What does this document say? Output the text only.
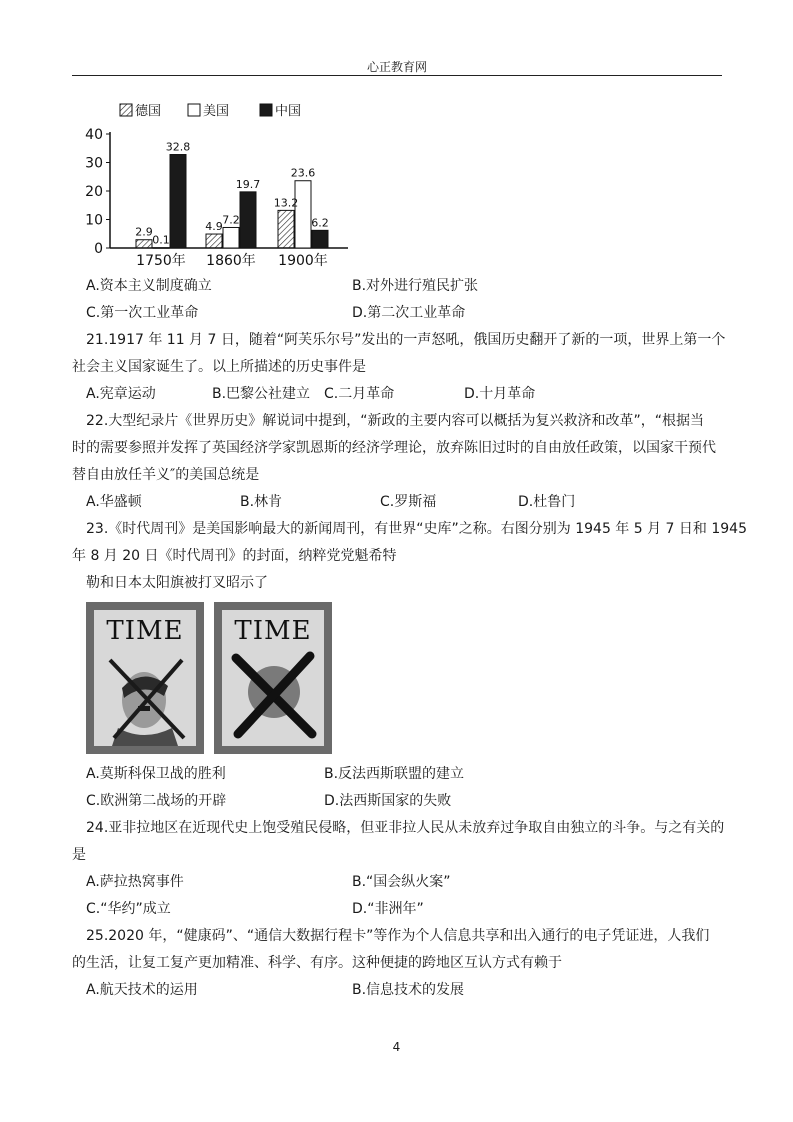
心正教育网
德国	美国	中国
0
10
20
30
40
2.9
0.1
32.8
1750年
4.9
7.2
19.7
1860年
13.2
23.6
6.2
1900年
A.资本主义制度确立	B.对外进行殖民扩张
C.第一次工业革命	D.第二次工业革命
21.1917 年 11 月 7 日，随着“阿芙乐尔号”发出的一声怒吼，俄国历史翻开了新的一项，世界上第一个
社会主义国家诞生了。以上所描述的历史事件是
A.宪章运动	B.巴黎公社建立 C.二月革命	D.十月革命
22.大型纪录片《世界历史》解说词中提到，“新政的主要内容可以概括为复兴救济和改革”，“根据当
时的需要参照并发挥了英国经济学家凯恩斯的经济学理论，放弃陈旧过时的自由放任政策，以国家干预代
替自由放任羊义″的美国总统是
A.华盛顿	B.林肯	C.罗斯福	D.杜鲁门
23.《时代周刊》是美国影响最大的新闻周刊，有世界“史库”之称。右图分别为 1945 年 5 月 7 日和 1945
年 8 月 20 日《时代周刊》的封面，纳粹党党魁希特
勒和日本太阳旗被打叉昭示了
TIME	TIME
A.莫斯科保卫战的胜利	B.反法西斯联盟的建立
C.欧洲第二战场的开辟	D.法西斯国家的失败
24.亚非拉地区在近现代史上饱受殖民侵略，但亚非拉人民从未放弃过争取自由独立的斗争。与之有关的
是
A.萨拉热窝事件	B.“国会纵火案”
C.“华约”成立	D.“非洲年”
25.2020 年，“健康码”、“通信大数据行程卡”等作为个人信息共享和出入通行的电子凭证进，人我们
的生活，让复工复产更加精准、科学、有序。这种便捷的跨地区互认方式有赖于
A.航天技术的运用	B.信息技术的发展
4
